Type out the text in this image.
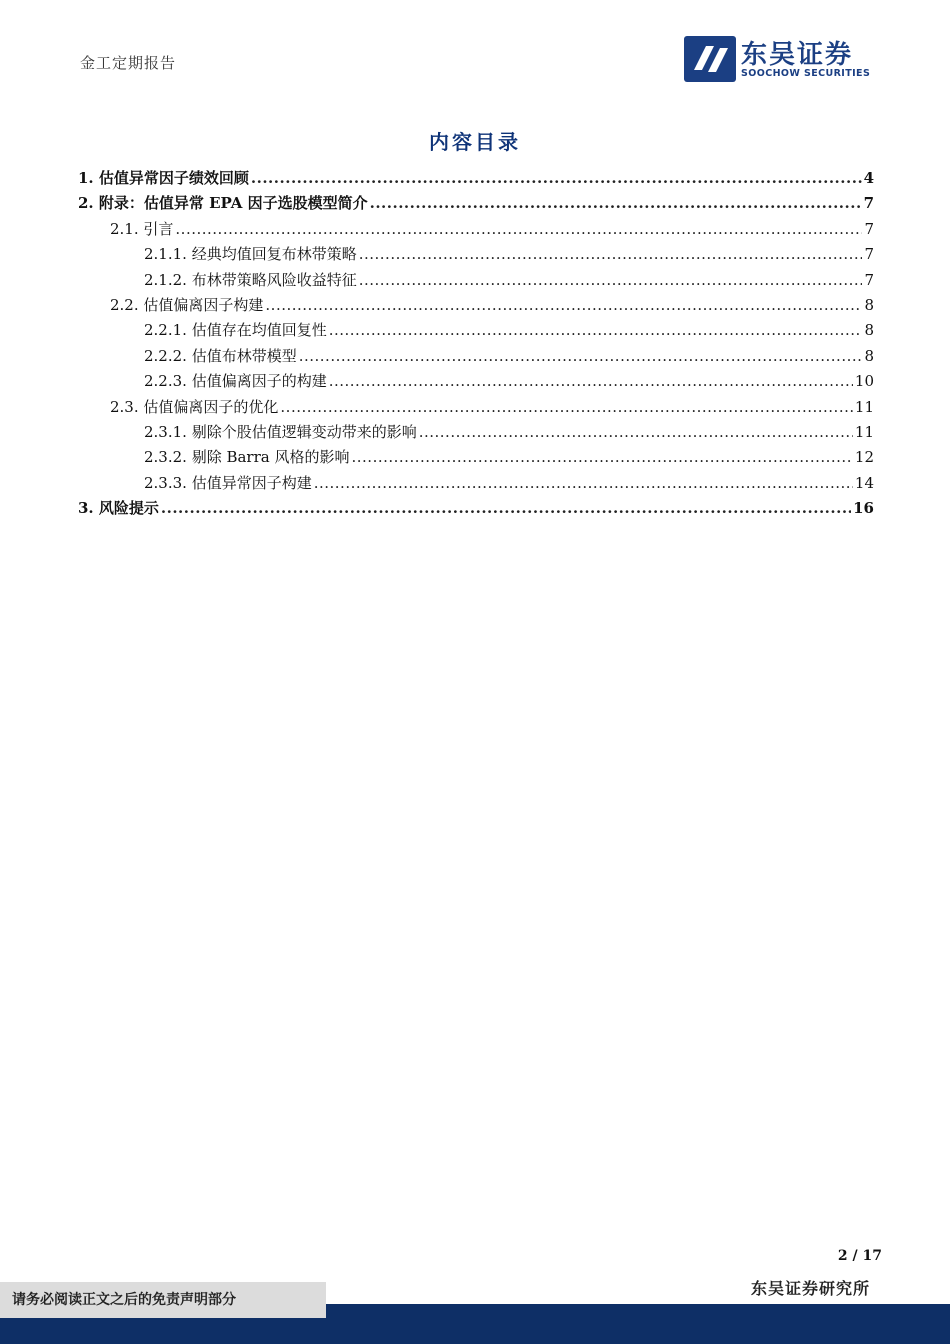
金工定期报告	东吴证券
SOOCHOW SECURITIES
内容目录
1. 估值异常因子绩效回顾 .....	4
2. 附录：估值异常 EPA 因子选股模型简介 .....	7
2.1. 引言 .....	7
2.1.1. 经典均值回复布林带策略 .....	7
2.1.2. 布林带策略风险收益特征 .....	7
2.2. 估值偏离因子构建 .....	8
2.2.1. 估值存在均值回复性 .....	8
2.2.2. 估值布林带模型 .....	8
2.2.3. 估值偏离因子的构建 .....	10
2.3. 估值偏离因子的优化 .....	11
2.3.1. 剔除个股估值逻辑变动带来的影响 .....	11
2.3.2. 剔除 Barra 风格的影响 .....	12
2.3.3. 估值异常因子构建 .....	14
3. 风险提示 .....	16
2 / 17
请务必阅读正文之后的免责声明部分
东吴证券研究所
